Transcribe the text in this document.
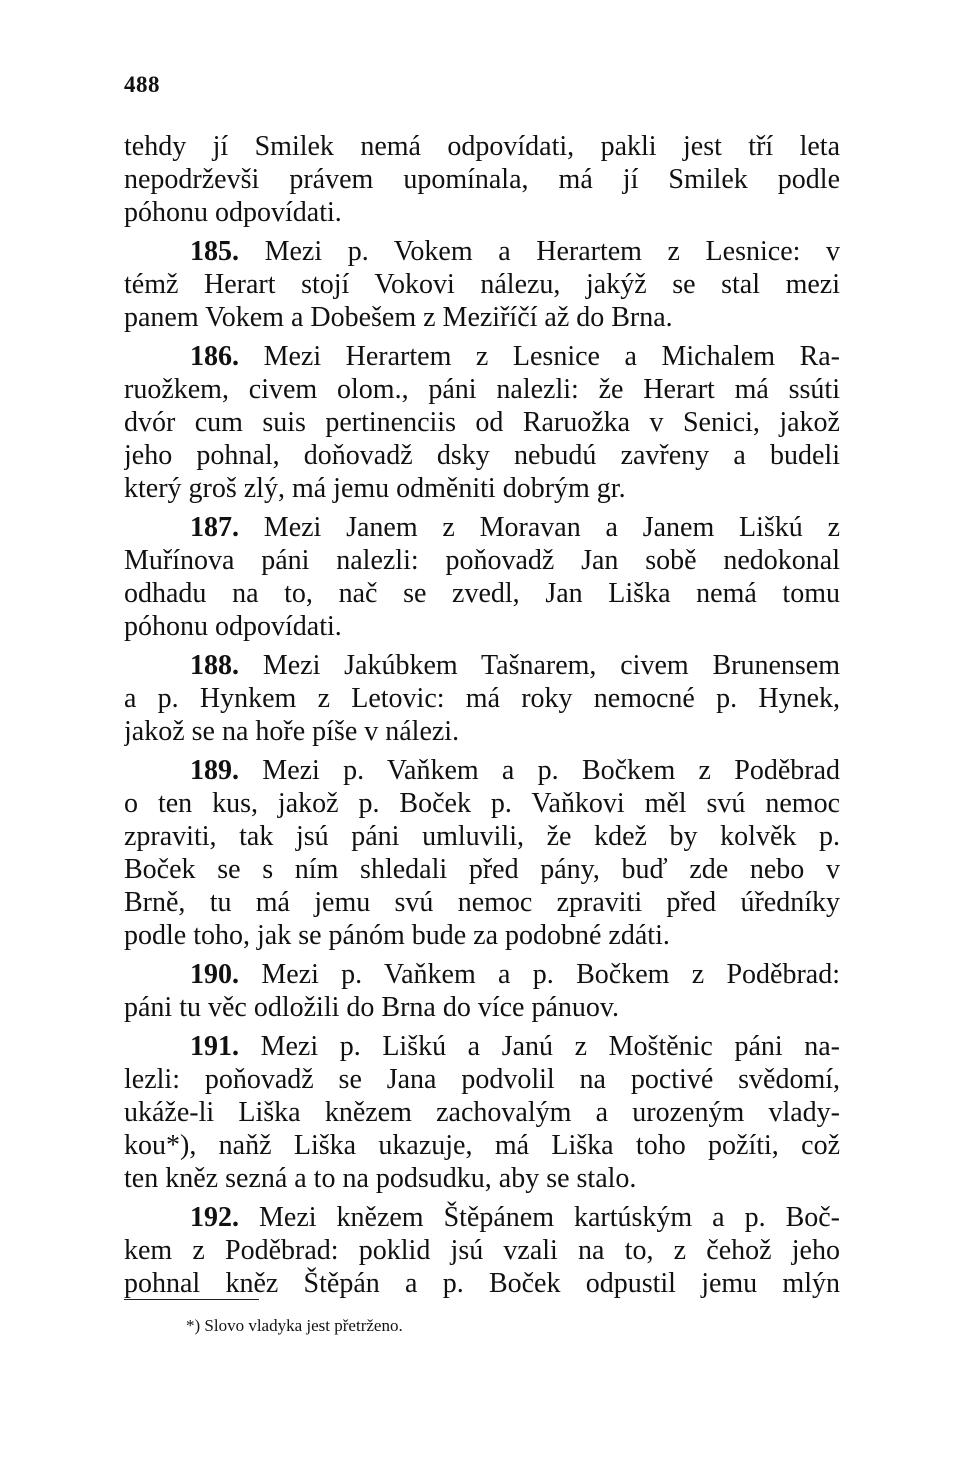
488
tehdy jí Smilek nemá odpovídati, pakli jest tří leta
nepodrževši právem upomínala, má jí Smilek podle
póhonu odpovídati.
185. Mezi p. Vokem a Herartem z Lesnice: v
témž Herart stojí Vokovi nálezu, jakýž se stal mezi
panem Vokem a Dobešem z Meziříčí až do Brna.
186. Mezi Herartem z Lesnice a Michalem Ra-
ruožkem, civem olom., páni nalezli: že Herart má ssúti
dvór cum suis pertinenciis od Raruožka v Senici, jakož
jeho pohnal, doňovadž dsky nebudú zavřeny a budeli
který groš zlý, má jemu odměniti dobrým gr.
187. Mezi Janem z Moravan a Janem Liškú z
Muřínova páni nalezli: poňovadž Jan sobě nedokonal
odhadu na to, nač se zvedl, Jan Liška nemá tomu
póhonu odpovídati.
188. Mezi Jakúbkem Tašnarem, civem Brunensem
a p. Hynkem z Letovic: má roky nemocné p. Hynek,
jakož se na hoře píše v nálezi.
189. Mezi p. Vaňkem a p. Bočkem z Poděbrad
o ten kus, jakož p. Boček p. Vaňkovi měl svú nemoc
zpraviti, tak jsú páni umluvili, že kdež by kolvěk p.
Boček se s ním shledali před pány, buď zde nebo v
Brně, tu má jemu svú nemoc zpraviti před úředníky
podle toho, jak se pánóm bude za podobné zdáti.
190. Mezi p. Vaňkem a p. Bočkem z Poděbrad:
páni tu věc odložili do Brna do více pánuov.
191. Mezi p. Liškú a Janú z Moštěnic páni na-
lezli: poňovadž se Jana podvolil na poctivé svědomí,
ukáže-li Liška knězem zachovalým a urozeným vlady-
kou*), naňž Liška ukazuje, má Liška toho požíti, což
ten kněz sezná a to na podsudku, aby se stalo.
192. Mezi knězem Štěpánem kartúským a p. Boč-
kem z Poděbrad: poklid jsú vzali na to, z čehož jeho
pohnal kněz Štěpán a p. Boček odpustil jemu mlýn
*) Slovo vladyka jest přetrženo.
